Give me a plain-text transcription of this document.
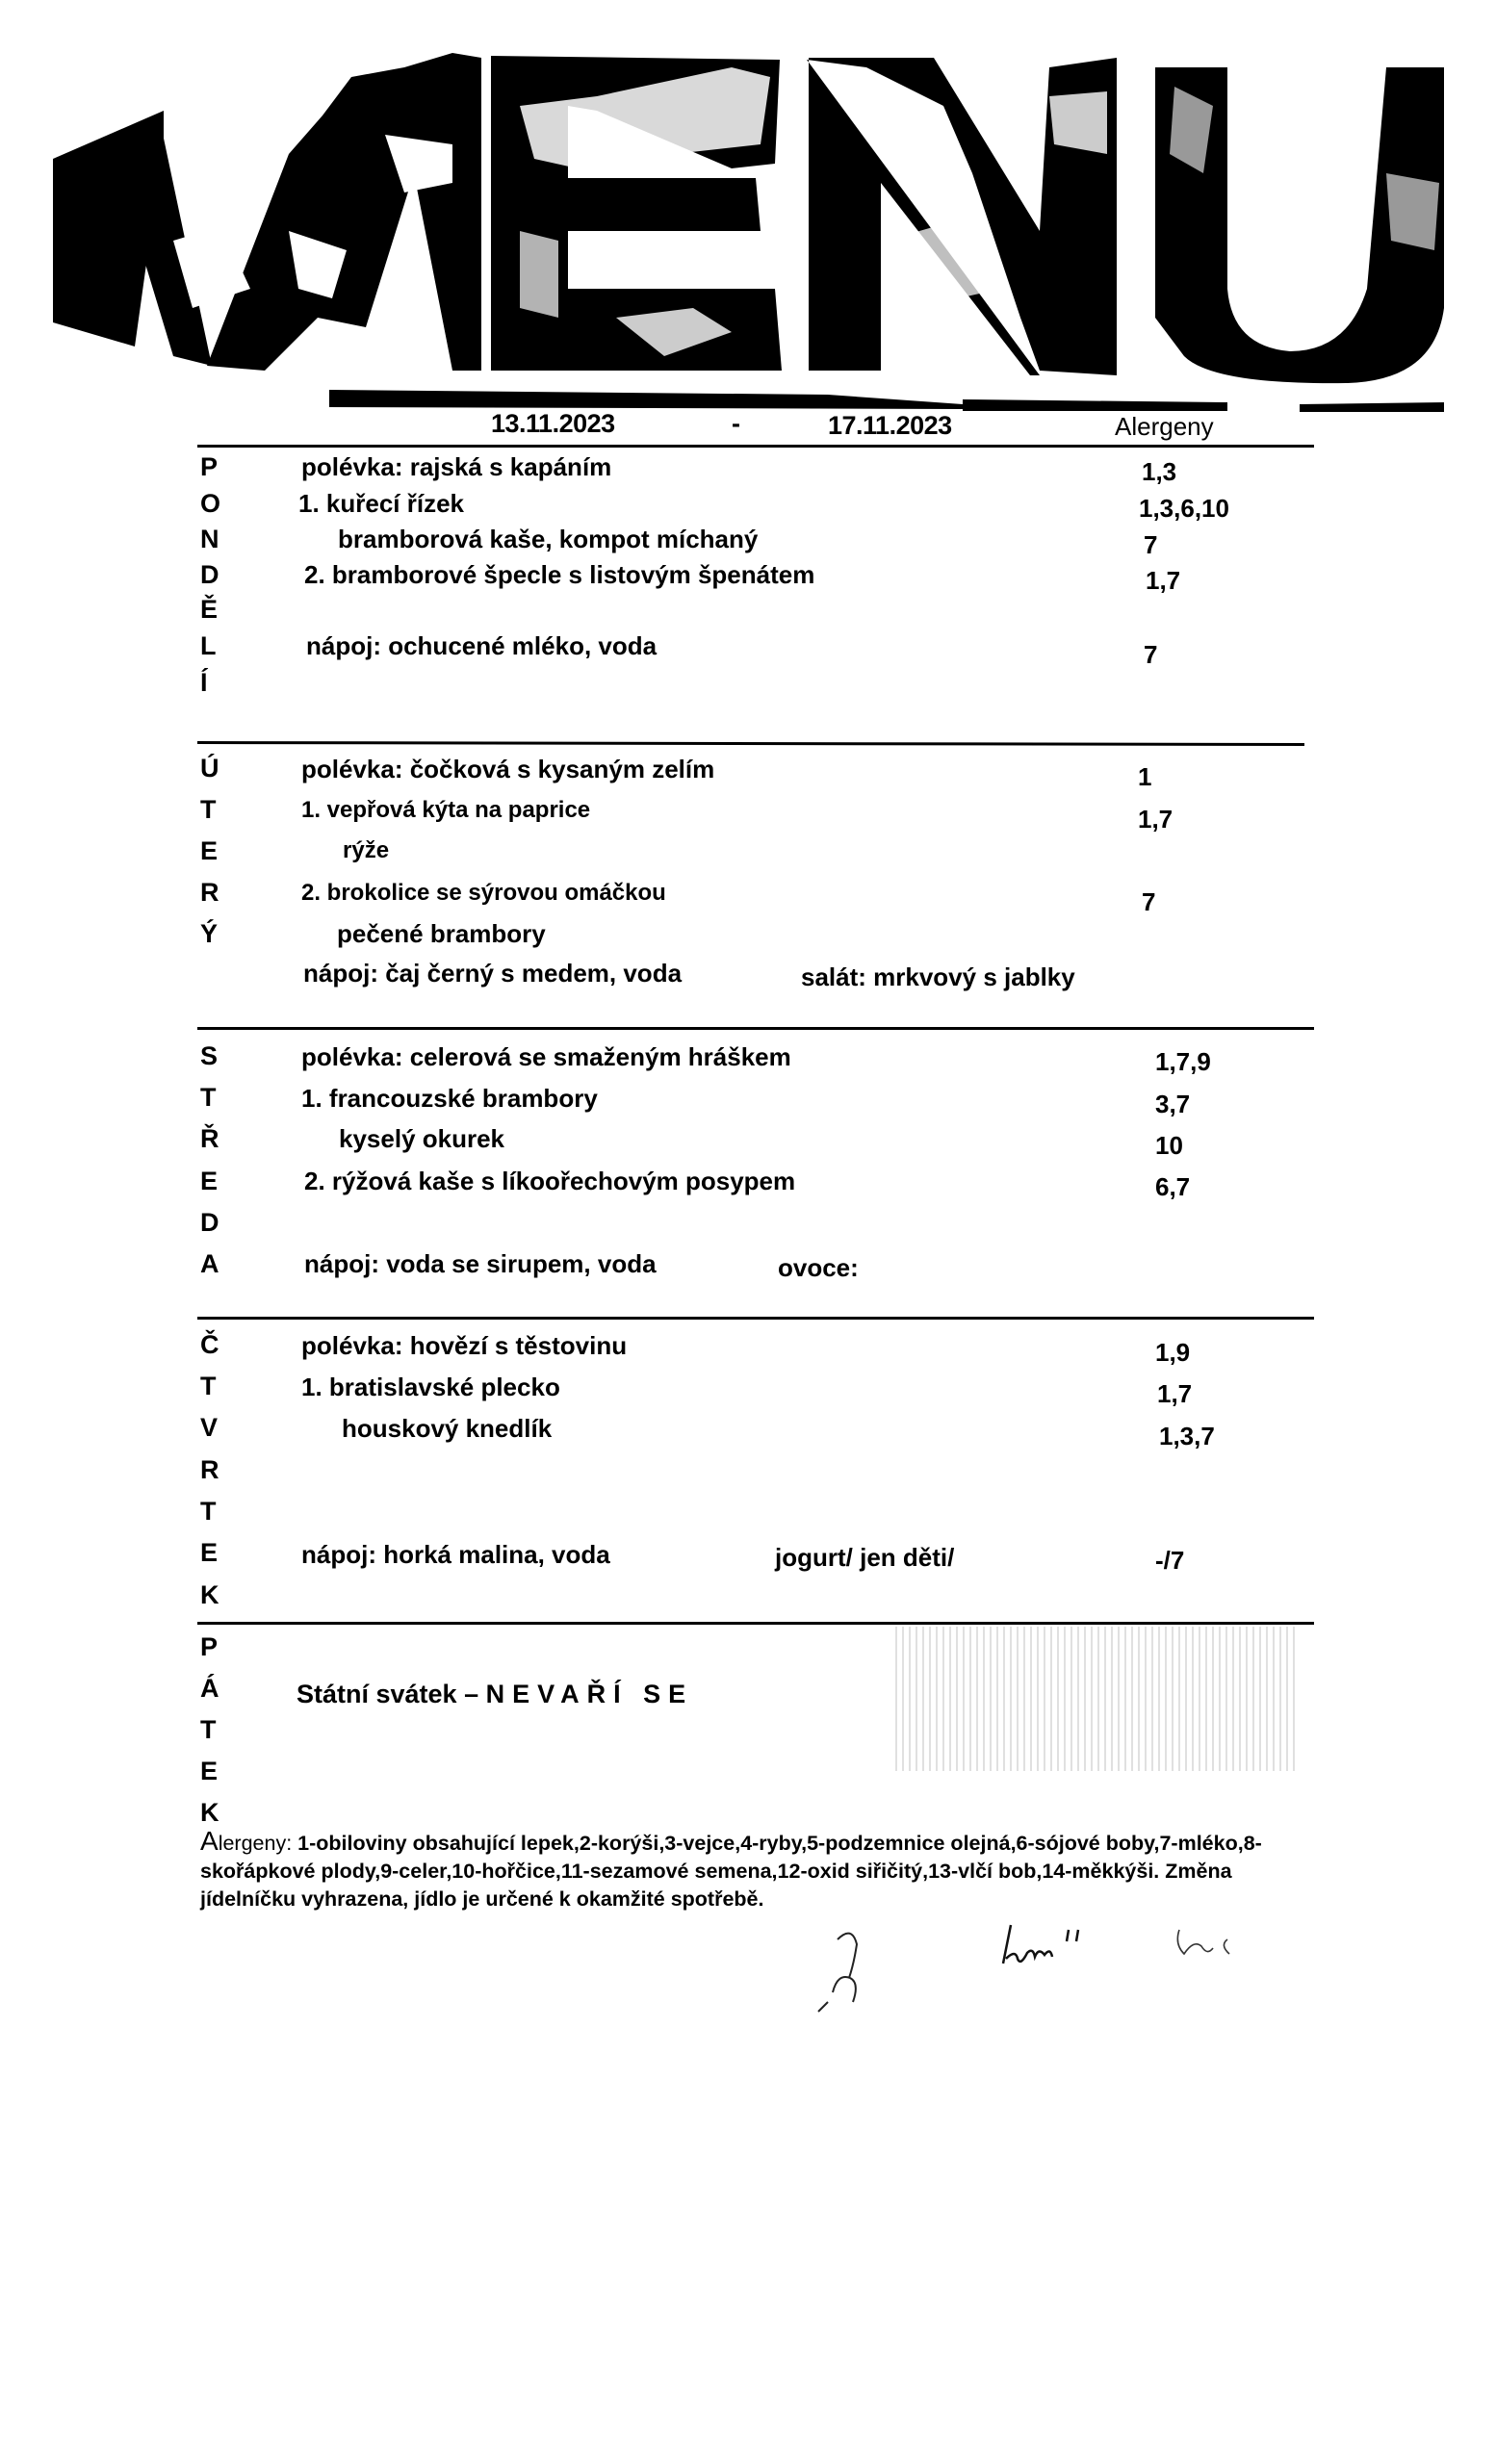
13.11.2023	-	17.11.2023	Alergeny
P
O
N
D
Ě
L
Í
polévka: rajská s kapáním	1,3
1. kuřecí řízek	1,3,6,10
bramborová kaše, kompot míchaný	7
2. bramborové špecle s listovým špenátem	1,7
nápoj: ochucené mléko, voda	7
Ú
T
E
R
Ý
polévka: čočková s kysaným zelím	1
1. vepřová kýta na paprice	1,7
rýže
2. brokolice se sýrovou omáčkou	7
pečené brambory
nápoj: čaj černý s medem, voda	salát: mrkvový s jablky
S
T
Ř
E
D
A
polévka: celerová se smaženým hráškem	1,7,9
1. francouzské brambory	3,7
kyselý okurek	10
2. rýžová kaše s líkoořechovým posypem	6,7
nápoj: voda se sirupem, voda	ovoce:
Č
T
V
R
T
E
K
polévka: hovězí s těstovinu	1,9
1. bratislavské plecko	1,7
houskový knedlík	1,3,7
nápoj: horká malina, voda	jogurt/ jen děti/	-/7
P
Á
T
E
K
Státní svátek – NEVAŘÍ SE
Alergeny: 1-obiloviny obsahující lepek,2-korýši,3-vejce,4-ryby,5-podzemnice olejná,6-sójové boby,7-mléko,8-
skořápkové plody,9-celer,10-hořčice,11-sezamové semena,12-oxid siřičitý,13-vlčí bob,14-měkkýši. Změna
jídelníčku vyhrazena, jídlo je určené k okamžité spotřebě.
